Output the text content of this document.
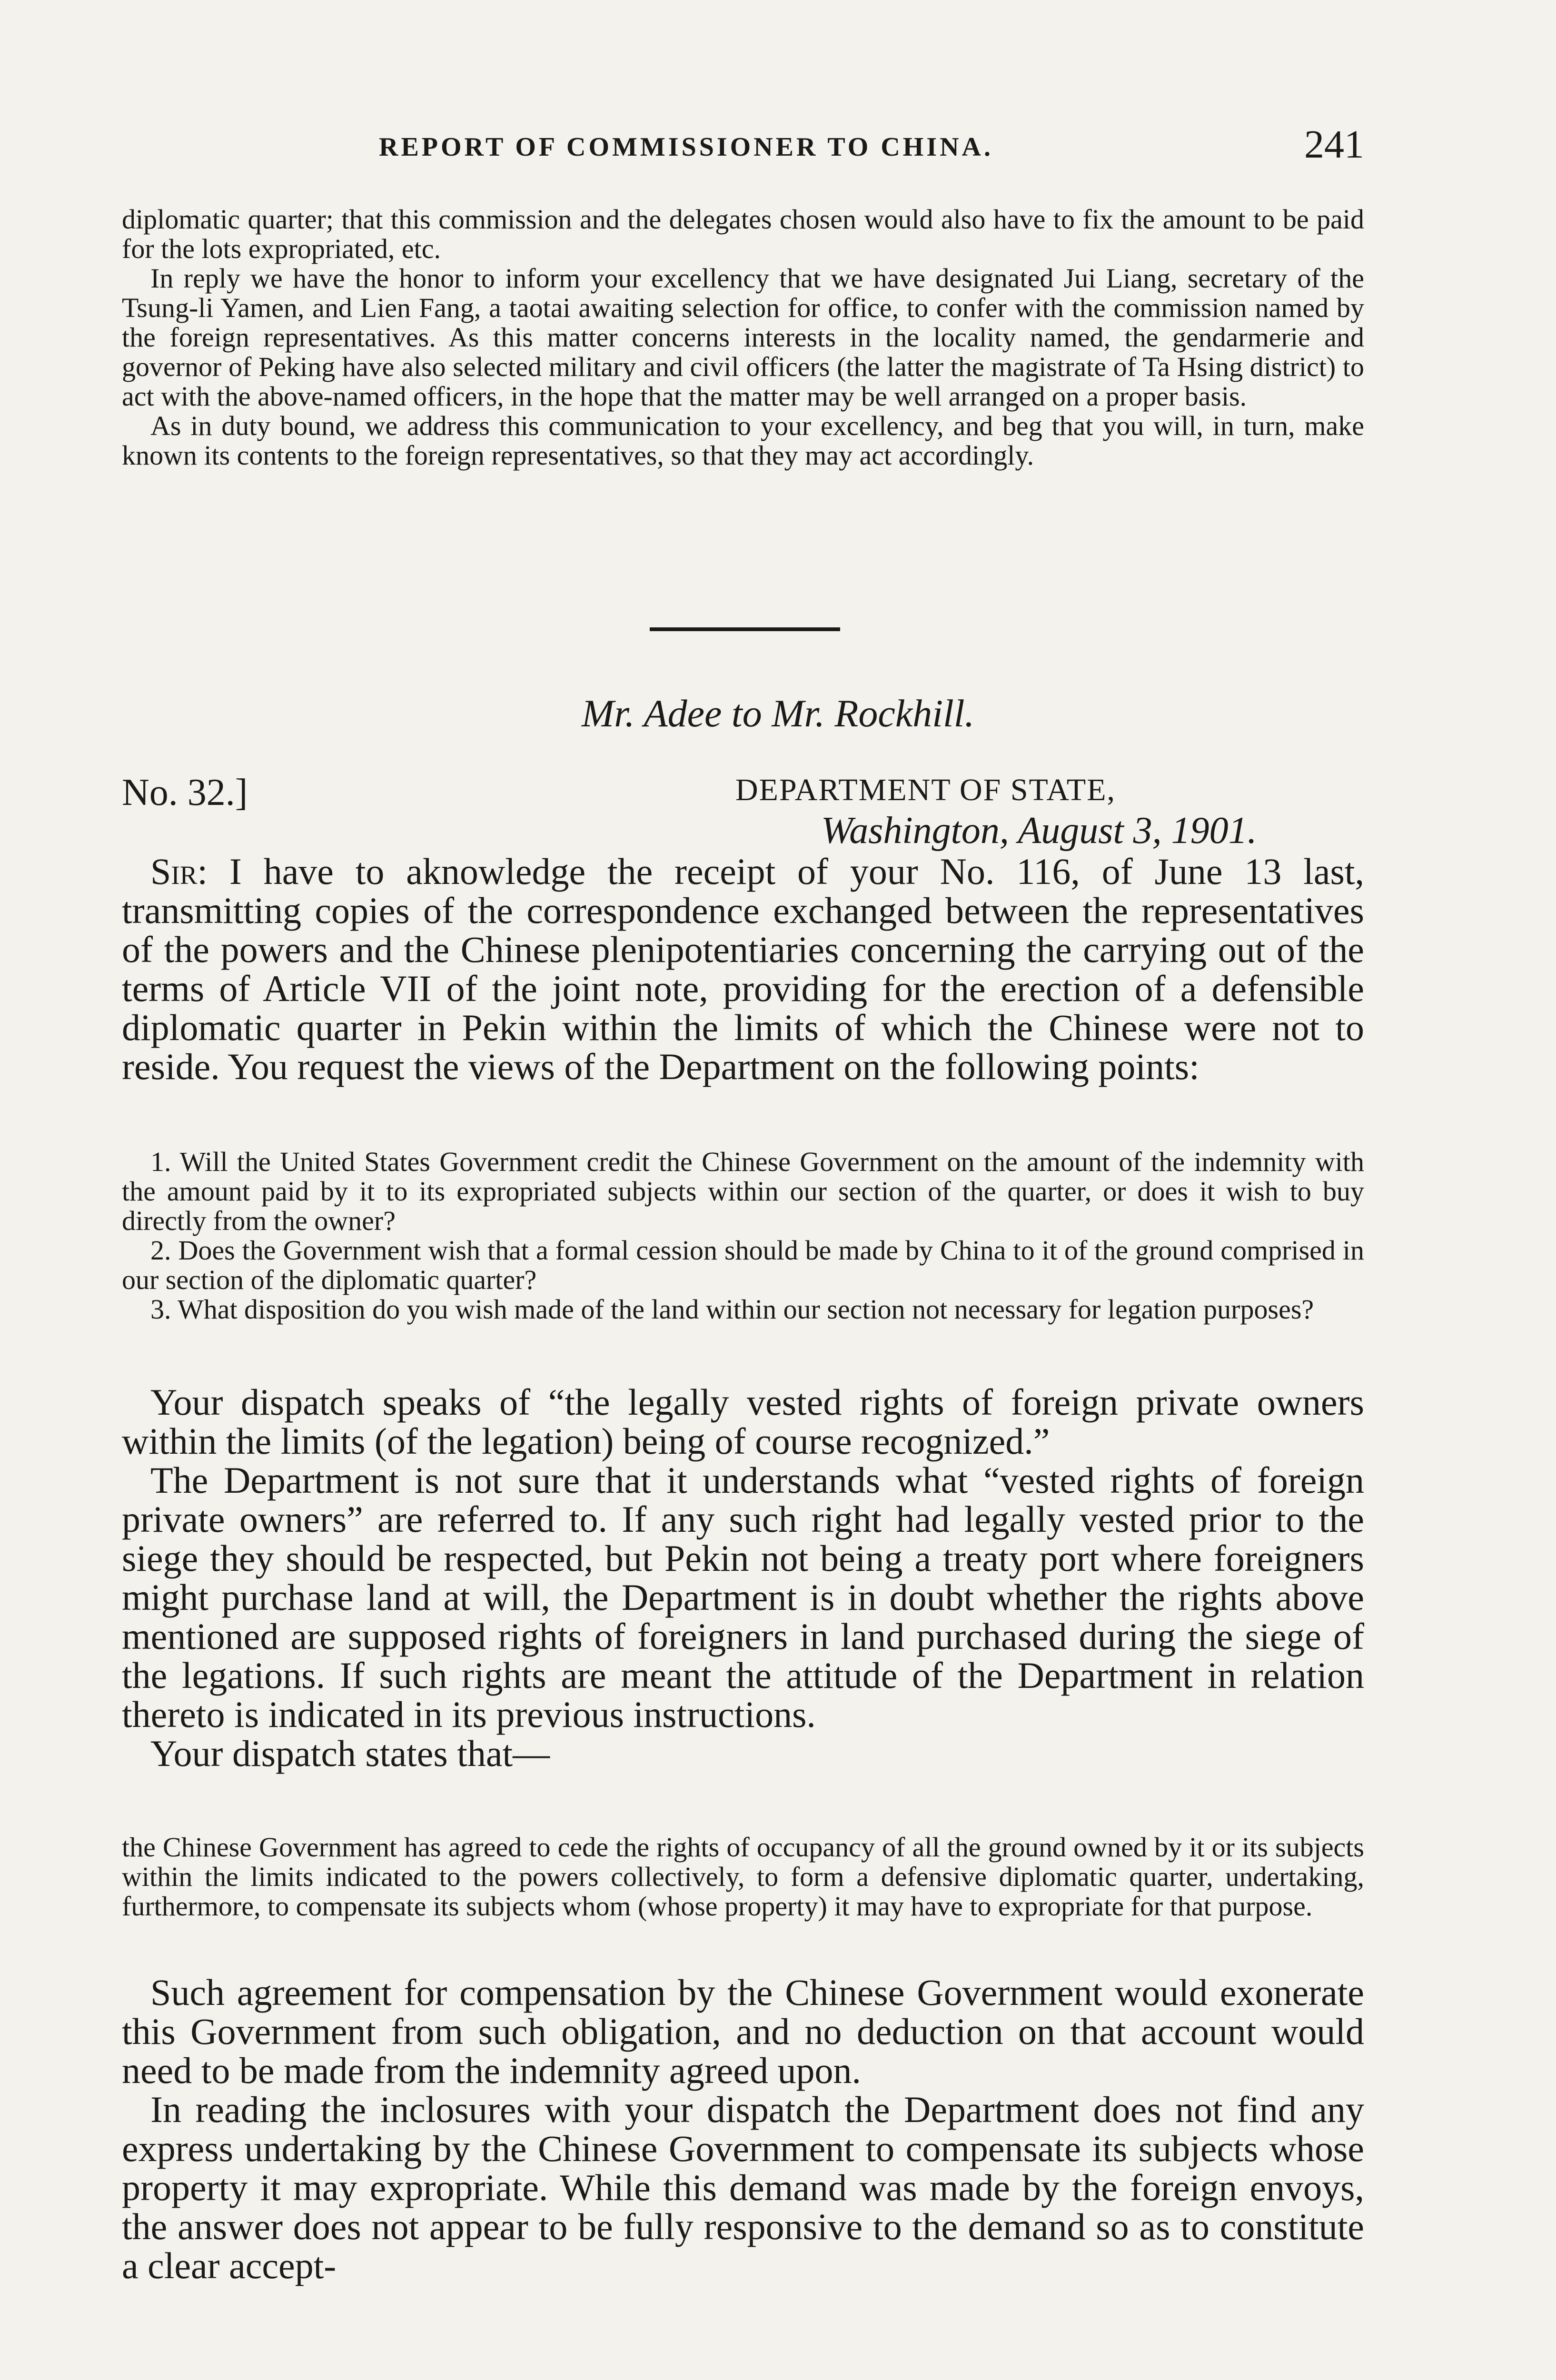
REPORT OF COMMISSIONER TO CHINA.	241

diplomatic quarter; that this commission and the delegates chosen would also have to fix the amount to be paid for the lots expropriated, etc.

In reply we have the honor to inform your excellency that we have designated Jui Liang, secretary of the Tsung-li Yamen, and Lien Fang, a taotai awaiting selection for office, to confer with the commission named by the foreign representatives. As this matter concerns interests in the locality named, the gendarmerie and governor of Peking have also selected military and civil officers (the latter the magistrate of Ta Hsing district) to act with the above-named officers, in the hope that the matter may be well arranged on a proper basis.

As in duty bound, we address this communication to your excellency, and beg that you will, in turn, make known its contents to the foreign representatives, so that they may act accordingly.

Mr. Adee to Mr. Rockhill.
No. 32.]	DEPARTMENT OF STATE,
Washington, August 3, 1901.

Sir: I have to aknowledge the receipt of your No. 116, of June 13 last, transmitting copies of the correspondence exchanged between the representatives of the powers and the Chinese plenipotentiaries concerning the carrying out of the terms of Article VII of the joint note, providing for the erection of a defensible diplomatic quarter in Pekin within the limits of which the Chinese were not to reside. You request the views of the Department on the following points:

1. Will the United States Government credit the Chinese Government on the amount of the indemnity with the amount paid by it to its expropriated subjects within our section of the quarter, or does it wish to buy directly from the owner?

2. Does the Government wish that a formal cession should be made by China to it of the ground comprised in our section of the diplomatic quarter?

3. What disposition do you wish made of the land within our section not necessary for legation purposes?

Your dispatch speaks of “the legally vested rights of foreign private owners within the limits (of the legation) being of course recognized.”

The Department is not sure that it understands what “vested rights of foreign private owners” are referred to. If any such right had legally vested prior to the siege they should be respected, but Pekin not being a treaty port where foreigners might purchase land at will, the Department is in doubt whether the rights above mentioned are supposed rights of foreigners in land purchased during the siege of the legations. If such rights are meant the attitude of the Department in relation thereto is indicated in its previous instructions.

Your dispatch states that—

the Chinese Government has agreed to cede the rights of occupancy of all the ground owned by it or its subjects within the limits indicated to the powers collectively, to form a defensive diplomatic quarter, undertaking, furthermore, to compensate its subjects whom (whose property) it may have to expropriate for that purpose.

Such agreement for compensation by the Chinese Government would exonerate this Government from such obligation, and no deduction on that account would need to be made from the indemnity agreed upon.

In reading the inclosures with your dispatch the Department does not find any express undertaking by the Chinese Government to compensate its subjects whose property it may expropriate. While this demand was made by the foreign envoys, the answer does not appear to be fully responsive to the demand so as to constitute a clear accept-
